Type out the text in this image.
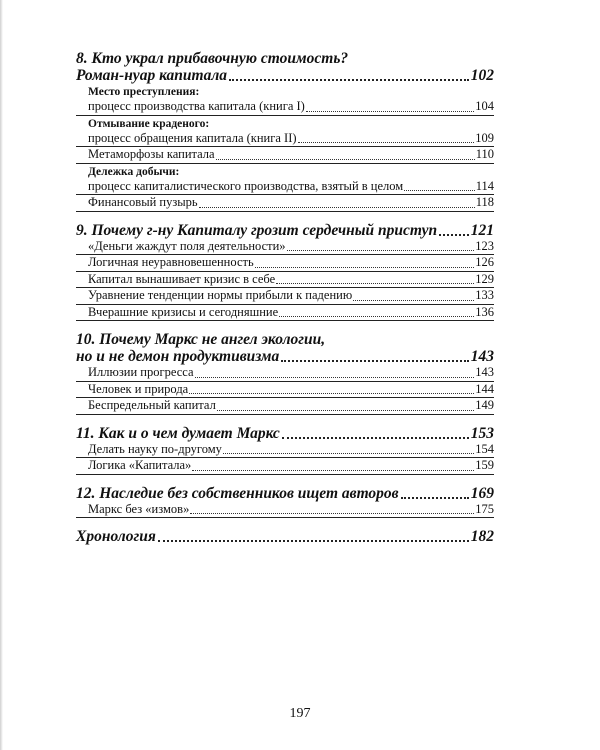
8. Кто украл прибавочную стоимость?
Роман-нуар капитала	102
Место преступления:
процесс производства капитала (книга I)	104
Отмывание краденого:
процесс обращения капитала (книга II)	109
Метаморфозы капитала	110
Дележка добычи:
процесс капиталистического производства, взятый в целом	114
Финансовый пузырь	118
9. Почему г-ну Капиталу грозит сердечный приступ 121
«Деньги жаждут поля деятельности»	123
Логичная неуравновешенность	126
Капитал вынашивает кризис в себе	129
Уравнение тенденции нормы прибыли к падению	133
Вчерашние кризисы и сегодняшние	136
10. Почему Маркс не ангел экологии,
но и не демон продуктивизма	143
Иллюзии прогресса	143
Человек и природа	144
Беспредельный капитал	149
11. Как и о чем думает Маркс	153
Делать науку по-другому	154
Логика «Капитала»	159
12. Наследие без собственников ищет авторов	169
Маркс без «измов»	175
Хронология	182
197
